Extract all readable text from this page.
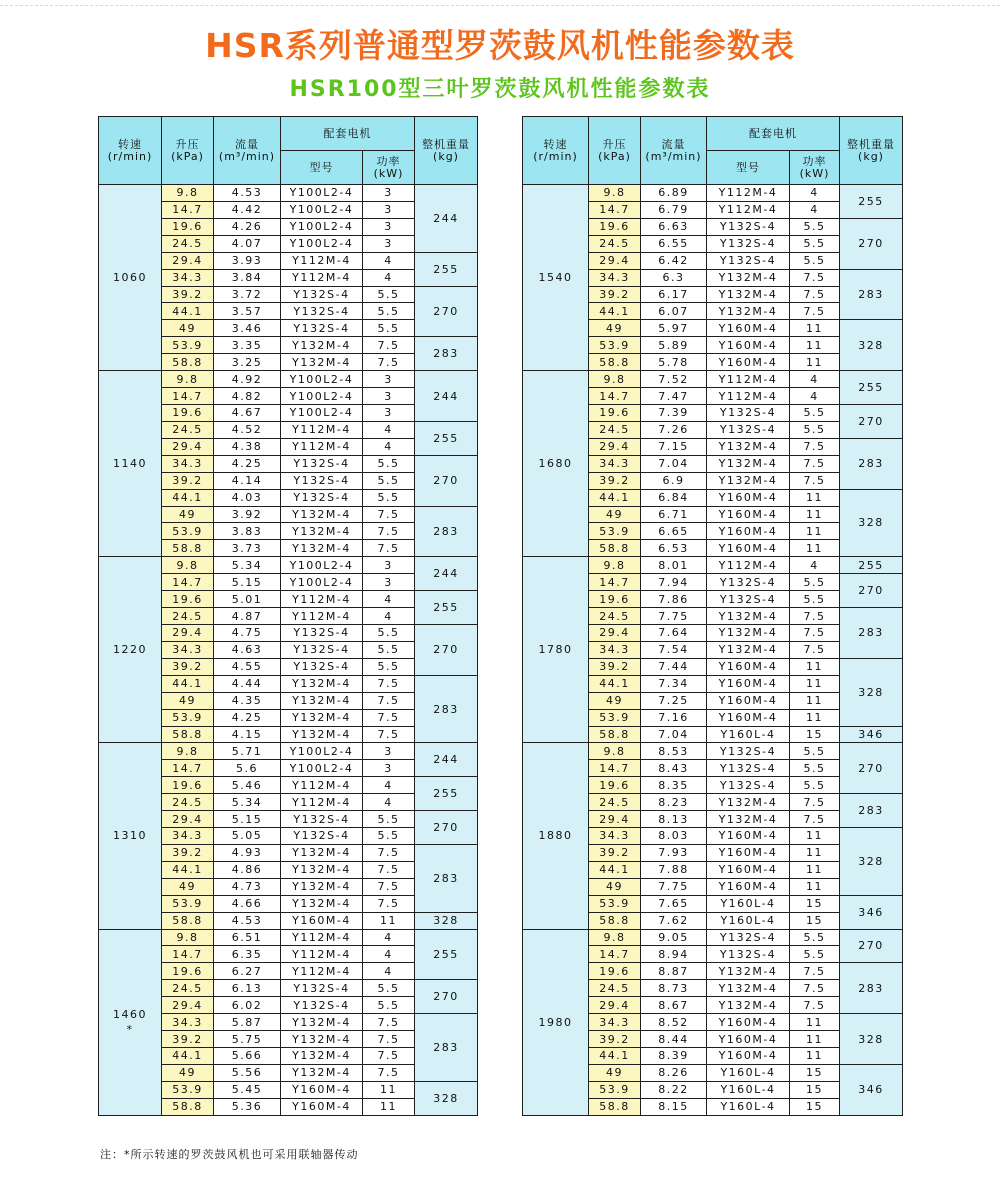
HSR系列普通型罗茨鼓风机性能参数表
HSR100型三叶罗茨鼓风机性能参数表
转速
(r/min)	升压
(kPa)	流量
(m³/min)	配套电机		整机重量
(kg)
			型号	功率
(kW)	
1060	9.8	4.53	Y100L2-4	3	244
	14.7	4.42	Y100L2-4	3	
	19.6	4.26	Y100L2-4	3	
	24.5	4.07	Y100L2-4	3	
	29.4	3.93	Y112M-4	4	255
	34.3	3.84	Y112M-4	4	
	39.2	3.72	Y132S-4	5.5	270
	44.1	3.57	Y132S-4	5.5	
	49	3.46	Y132S-4	5.5	
	53.9	3.35	Y132M-4	7.5	283
	58.8	3.25	Y132M-4	7.5	
1140	9.8	4.92	Y100L2-4	3	244
	14.7	4.82	Y100L2-4	3	
	19.6	4.67	Y100L2-4	3	
	24.5	4.52	Y112M-4	4	255
	29.4	4.38	Y112M-4	4	
	34.3	4.25	Y132S-4	5.5	270
	39.2	4.14	Y132S-4	5.5	
	44.1	4.03	Y132S-4	5.5	
	49	3.92	Y132M-4	7.5	283
	53.9	3.83	Y132M-4	7.5	
	58.8	3.73	Y132M-4	7.5	
1220	9.8	5.34	Y100L2-4	3	244
	14.7	5.15	Y100L2-4	3	
	19.6	5.01	Y112M-4	4	255
	24.5	4.87	Y112M-4	4	
	29.4	4.75	Y132S-4	5.5	270
	34.3	4.63	Y132S-4	5.5	
	39.2	4.55	Y132S-4	5.5	
	44.1	4.44	Y132M-4	7.5	283
	49	4.35	Y132M-4	7.5	
	53.9	4.25	Y132M-4	7.5	
	58.8	4.15	Y132M-4	7.5	
1310	9.8	5.71	Y100L2-4	3	244
	14.7	5.6	Y100L2-4	3	
	19.6	5.46	Y112M-4	4	255
	24.5	5.34	Y112M-4	4	
	29.4	5.15	Y132S-4	5.5	270
	34.3	5.05	Y132S-4	5.5	
	39.2	4.93	Y132M-4	7.5	283
	44.1	4.86	Y132M-4	7.5	
	49	4.73	Y132M-4	7.5	
	53.9	4.66	Y132M-4	7.5	
	58.8	4.53	Y160M-4	11	328
1460
*	9.8	6.51	Y112M-4	4	255
	14.7	6.35	Y112M-4	4	
	19.6	6.27	Y112M-4	4	
	24.5	6.13	Y132S-4	5.5	270
	29.4	6.02	Y132S-4	5.5	
	34.3	5.87	Y132M-4	7.5	283
	39.2	5.75	Y132M-4	7.5	
	44.1	5.66	Y132M-4	7.5	
	49	5.56	Y132M-4	7.5	
	53.9	5.45	Y160M-4	11	328
	58.8	5.36	Y160M-4	11	
转速
(r/min)	升压
(kPa)	流量
(m³/min)	配套电机		整机重量
(kg)
			型号	功率
(kW)	
1540	9.8	6.89	Y112M-4	4	255
	14.7	6.79	Y112M-4	4	
	19.6	6.63	Y132S-4	5.5	270
	24.5	6.55	Y132S-4	5.5	
	29.4	6.42	Y132S-4	5.5	
	34.3	6.3	Y132M-4	7.5	283
	39.2	6.17	Y132M-4	7.5	
	44.1	6.07	Y132M-4	7.5	
	49	5.97	Y160M-4	11	328
	53.9	5.89	Y160M-4	11	
	58.8	5.78	Y160M-4	11	
1680	9.8	7.52	Y112M-4	4	255
	14.7	7.47	Y112M-4	4	
	19.6	7.39	Y132S-4	5.5	270
	24.5	7.26	Y132S-4	5.5	
	29.4	7.15	Y132M-4	7.5	283
	34.3	7.04	Y132M-4	7.5	
	39.2	6.9	Y132M-4	7.5	
	44.1	6.84	Y160M-4	11	328
	49	6.71	Y160M-4	11	
	53.9	6.65	Y160M-4	11	
	58.8	6.53	Y160M-4	11	
1780	9.8	8.01	Y112M-4	4	255
	14.7	7.94	Y132S-4	5.5	270
	19.6	7.86	Y132S-4	5.5	
	24.5	7.75	Y132M-4	7.5	283
	29.4	7.64	Y132M-4	7.5	
	34.3	7.54	Y132M-4	7.5	
	39.2	7.44	Y160M-4	11	328
	44.1	7.34	Y160M-4	11	
	49	7.25	Y160M-4	11	
	53.9	7.16	Y160M-4	11	
	58.8	7.04	Y160L-4	15	346
1880	9.8	8.53	Y132S-4	5.5	270
	14.7	8.43	Y132S-4	5.5	
	19.6	8.35	Y132S-4	5.5	
	24.5	8.23	Y132M-4	7.5	283
	29.4	8.13	Y132M-4	7.5	
	34.3	8.03	Y160M-4	11	328
	39.2	7.93	Y160M-4	11	
	44.1	7.88	Y160M-4	11	
	49	7.75	Y160M-4	11	
	53.9	7.65	Y160L-4	15	346
	58.8	7.62	Y160L-4	15	
1980	9.8	9.05	Y132S-4	5.5	270
	14.7	8.94	Y132S-4	5.5	
	19.6	8.87	Y132M-4	7.5	283
	24.5	8.73	Y132M-4	7.5	
	29.4	8.67	Y132M-4	7.5	
	34.3	8.52	Y160M-4	11	328
	39.2	8.44	Y160M-4	11	
	44.1	8.39	Y160M-4	11	
	49	8.26	Y160L-4	15	346
	53.9	8.22	Y160L-4	15	
	58.8	8.15	Y160L-4	15	
注：*所示转速的罗茨鼓风机也可采用联轴器传动
